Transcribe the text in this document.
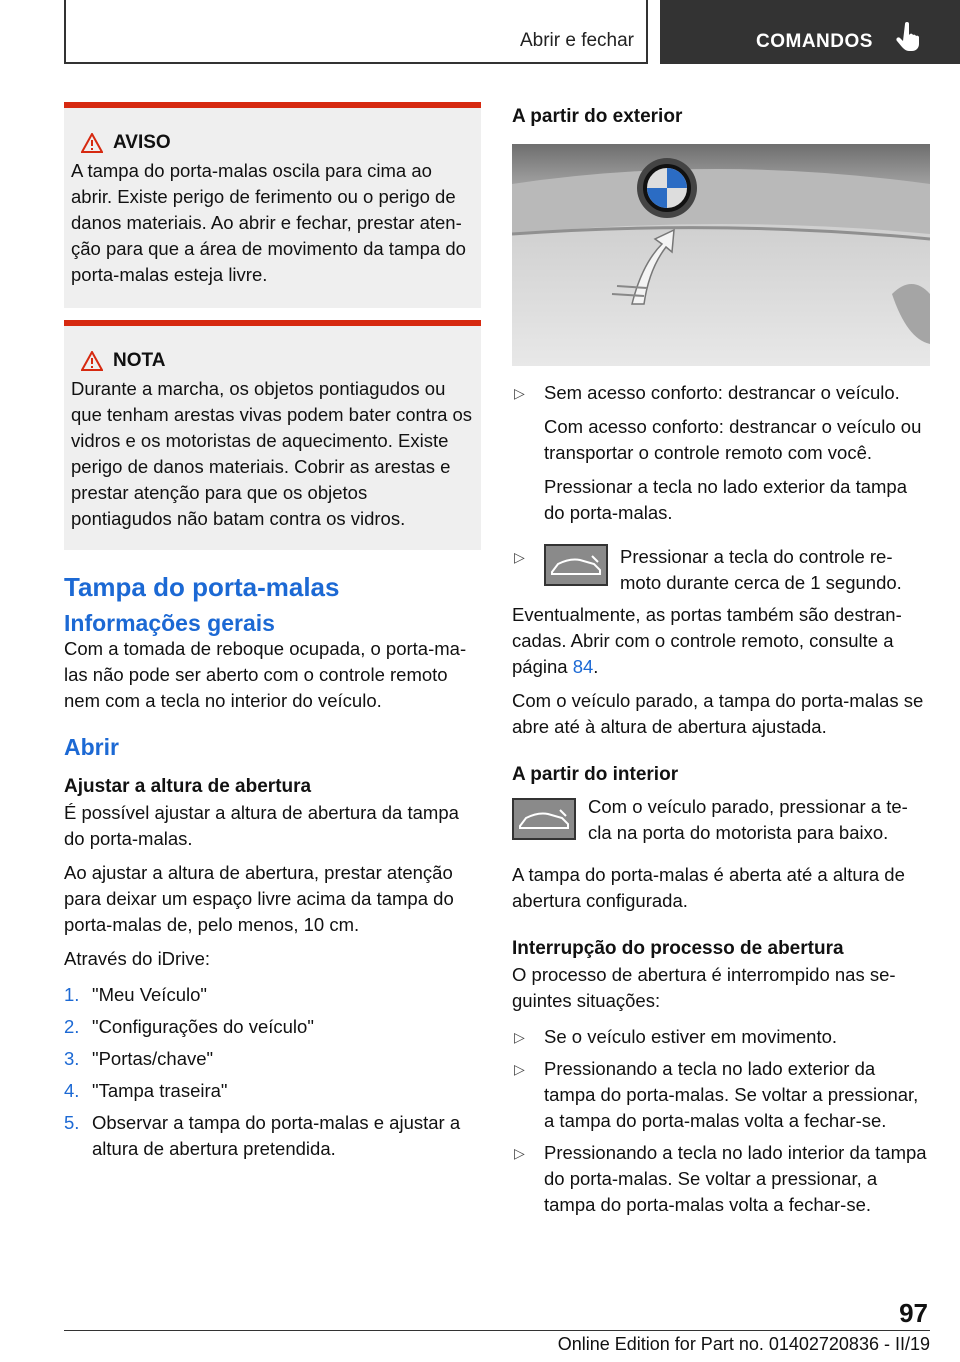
Abrir e fechar	COMANDOS
AVISO

A tampa do porta-malas oscila para cima ao abrir. Existe perigo de ferimento ou o perigo de danos materiais. Ao abrir e fechar, prestar aten-ção para que a área de movimento da tampa do porta-malas esteja livre.

NOTA

Durante a marcha, os objetos pontiagudos ou que tenham arestas vivas podem bater contra os vidros e os motoristas de aquecimento. Existe perigo de danos materiais. Cobrir as arestas e prestar atenção para que os objetos pontiagudos não batam contra os vidros.

Tampa do porta-malas
Informações gerais

Com a tomada de reboque ocupada, o porta-ma-las não pode ser aberto com o controle remoto nem com a tecla no interior do veículo.

Abrir
Ajustar a altura de abertura

É possível ajustar a altura de abertura da tampa do porta-malas.

Ao ajustar a altura de abertura, prestar atenção para deixar um espaço livre acima da tampa do porta-malas de, pelo menos, 10 cm.

Através do iDrive:

1. "Meu Veículo"
2. "Configurações do veículo"
3. "Portas/chave"
4. "Tampa traseira"
5. Observar a tampa do porta-malas e ajustar a altura de abertura pretendida.
A partir do exterior
▷	Sem acesso conforto: destrancar o veículo.

Com acesso conforto: destrancar o veículo ou transportar o controle remoto com você.

Pressionar a tecla no lado exterior da tampa do porta-malas.

▷	Pressionar a tecla do controle re-moto durante cerca de 1 segundo.

Eventualmente, as portas também são destran-cadas. Abrir com o controle remoto, consulte a página 84.

Com o veículo parado, a tampa do porta-malas se abre até à altura de abertura ajustada.

A partir do interior

Com o veículo parado, pressionar a te-cla na porta do motorista para baixo.

A tampa do porta-malas é aberta até a altura de abertura configurada.

Interrupção do processo de abertura

O processo de abertura é interrompido nas se-guintes situações:

▷	Se o veículo estiver em movimento.

▷	Pressionando a tecla no lado exterior da tampa do porta-malas. Se voltar a pressionar, a tampa do porta-malas volta a fechar-se.

▷	Pressionando a tecla no lado interior da tampa do porta-malas. Se voltar a pressionar, a tampa do porta-malas volta a fechar-se.

97
Online Edition for Part no. 01402720836 - II/19
